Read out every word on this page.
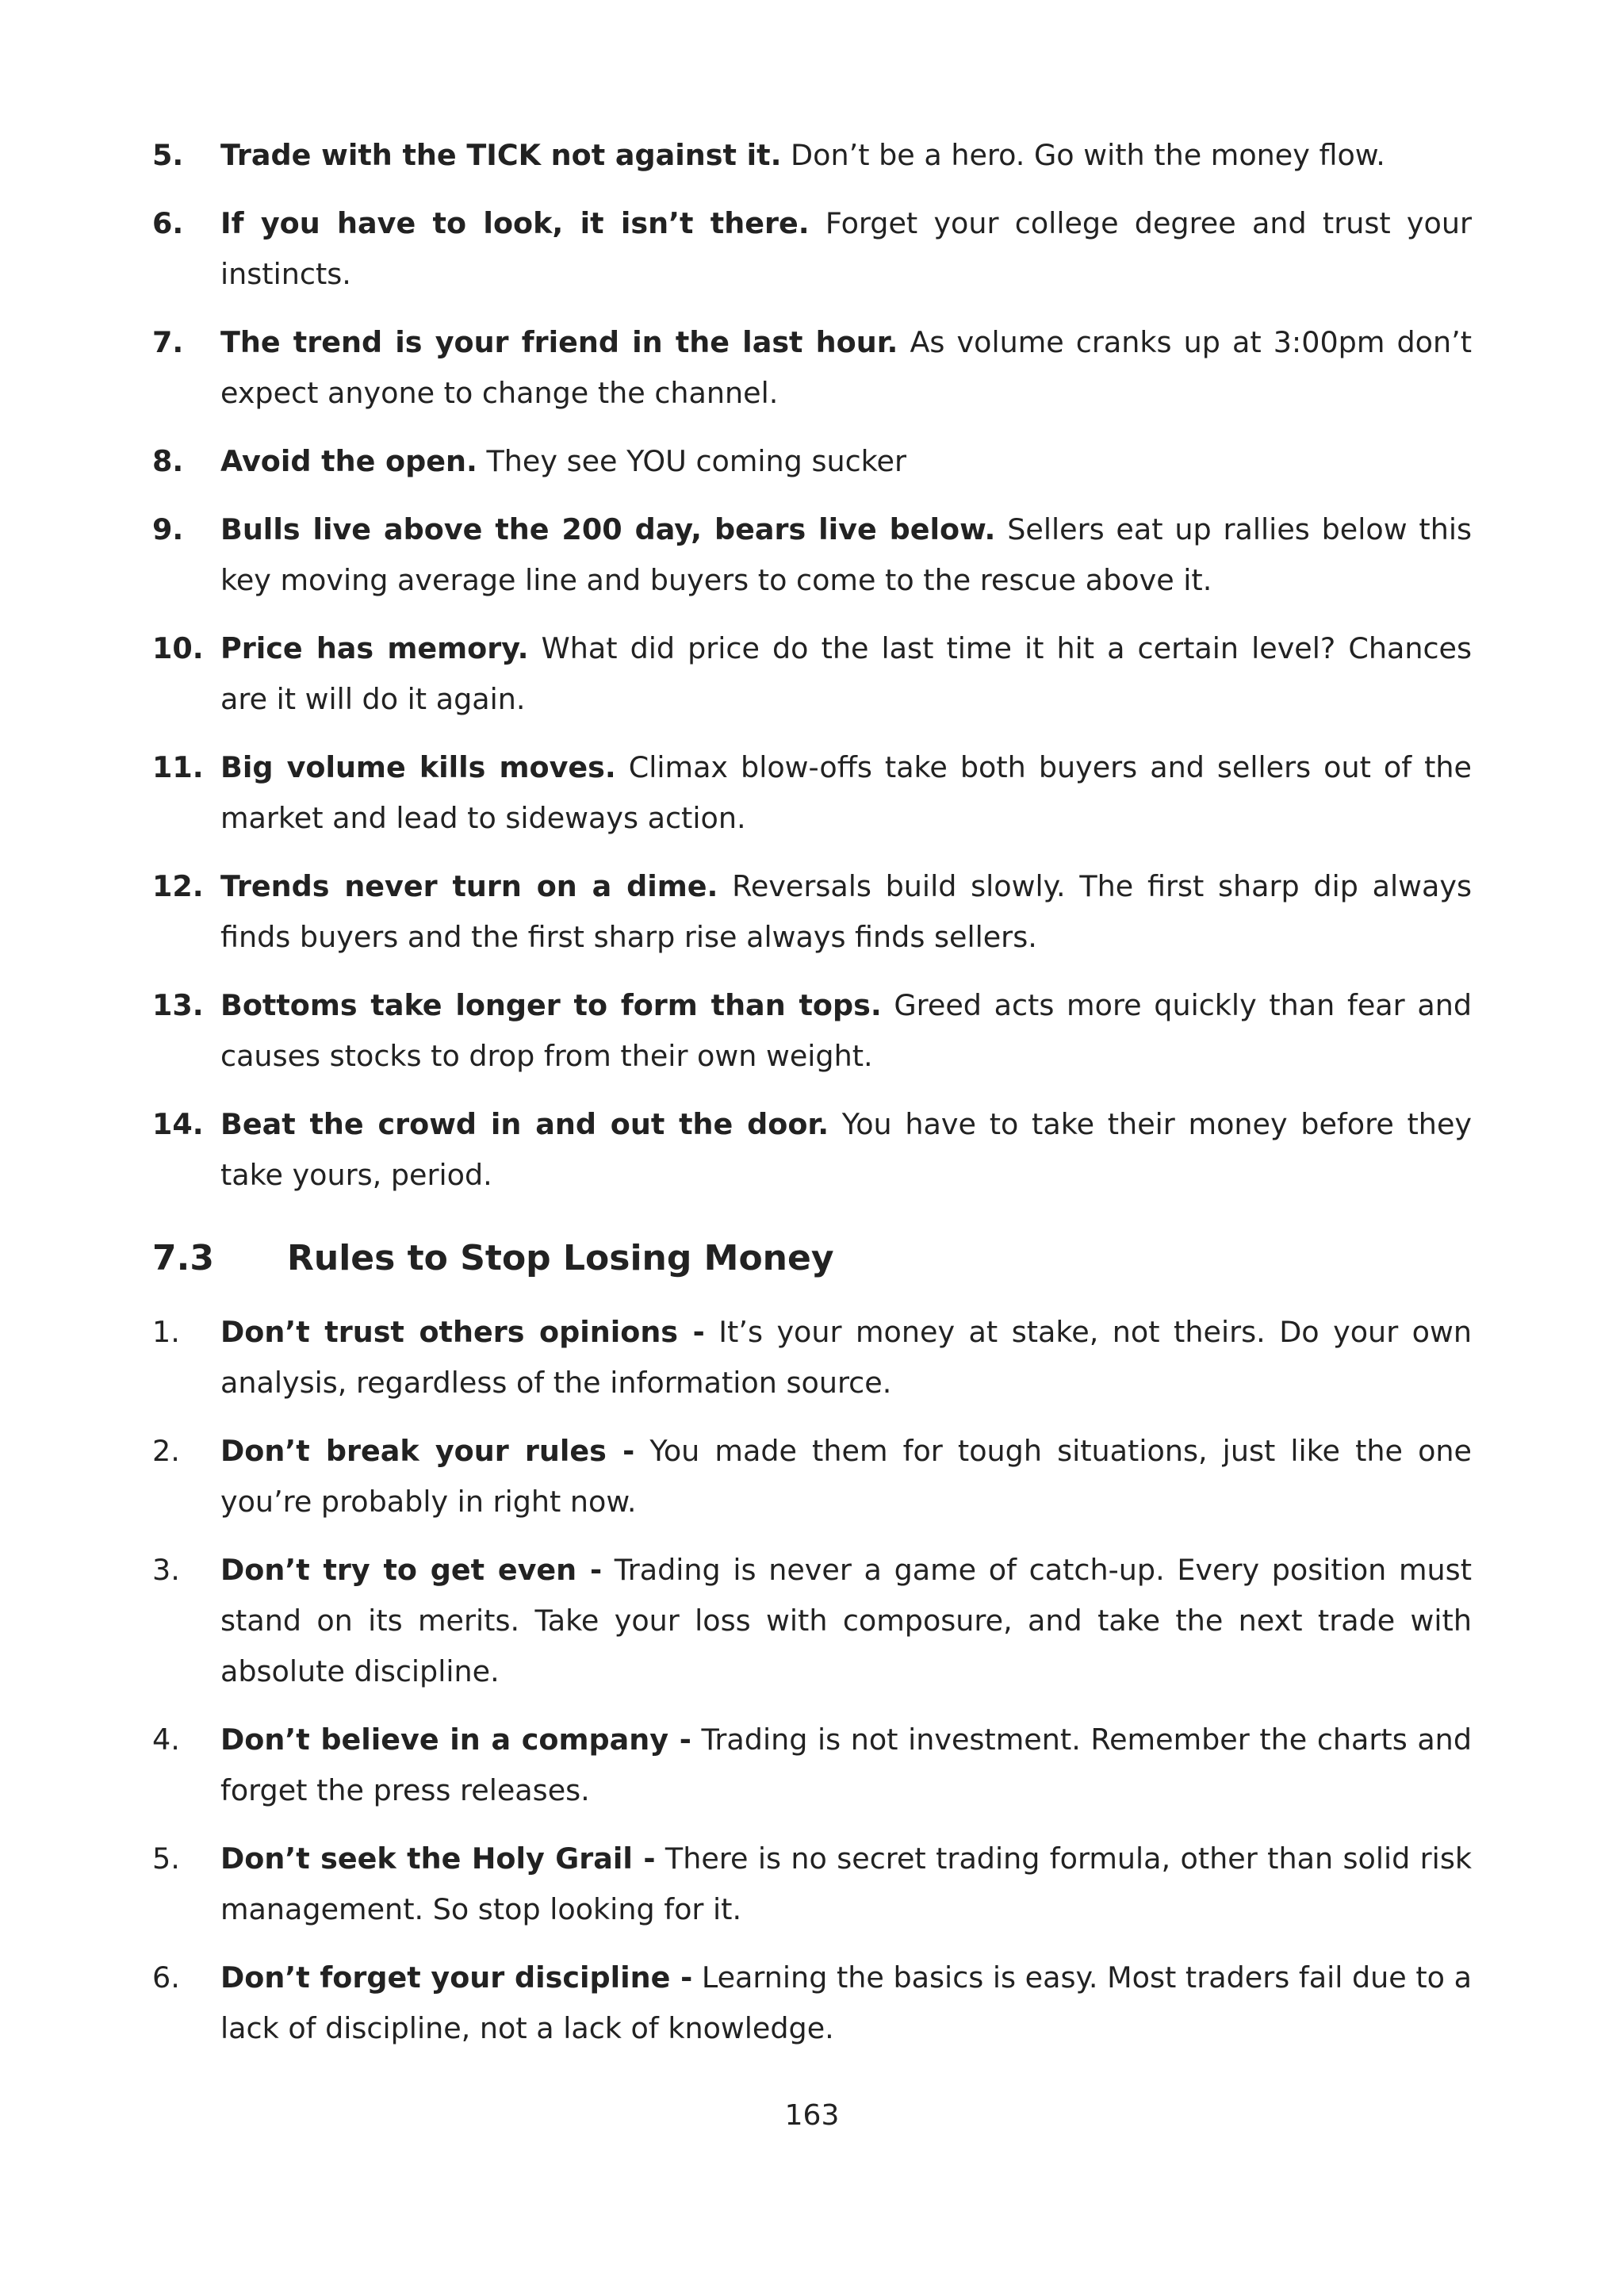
5. Trade with the TICK not against it. Don’t be a hero. Go with the money flow.
6. If you have to look, it isn’t there. Forget your college degree and trust your instincts.
7. The trend is your friend in the last hour. As volume cranks up at 3:00pm don’t expect anyone to change the channel.
8. Avoid the open. They see YOU coming sucker
9. Bulls live above the 200 day, bears live below. Sellers eat up rallies below this key moving average line and buyers to come to the rescue above it.
10. Price has memory. What did price do the last time it hit a certain level? Chances are it will do it again.
11. Big volume kills moves. Climax blow-offs take both buyers and sellers out of the market and lead to sideways action.
12. Trends never turn on a dime. Reversals build slowly. The first sharp dip always finds buyers and the first sharp rise always finds sellers.
13. Bottoms take longer to form than tops. Greed acts more quickly than fear and causes stocks to drop from their own weight.
14. Beat the crowd in and out the door. You have to take their money before they take yours, period.
7.3 Rules to Stop Losing Money
1. Don’t trust others opinions - It’s your money at stake, not theirs. Do your own analysis, regardless of the information source.
2. Don’t break your rules - You made them for tough situations, just like the one you’re probably in right now.
3. Don’t try to get even - Trading is never a game of catch-up. Every position must stand on its merits. Take your loss with composure, and take the next trade with absolute discipline.
4. Don’t believe in a company - Trading is not investment. Remember the charts and forget the press releases.
5. Don’t seek the Holy Grail - There is no secret trading formula, other than solid risk management. So stop looking for it.
6. Don’t forget your discipline - Learning the basics is easy. Most traders fail due to a lack of discipline, not a lack of knowledge.
163
